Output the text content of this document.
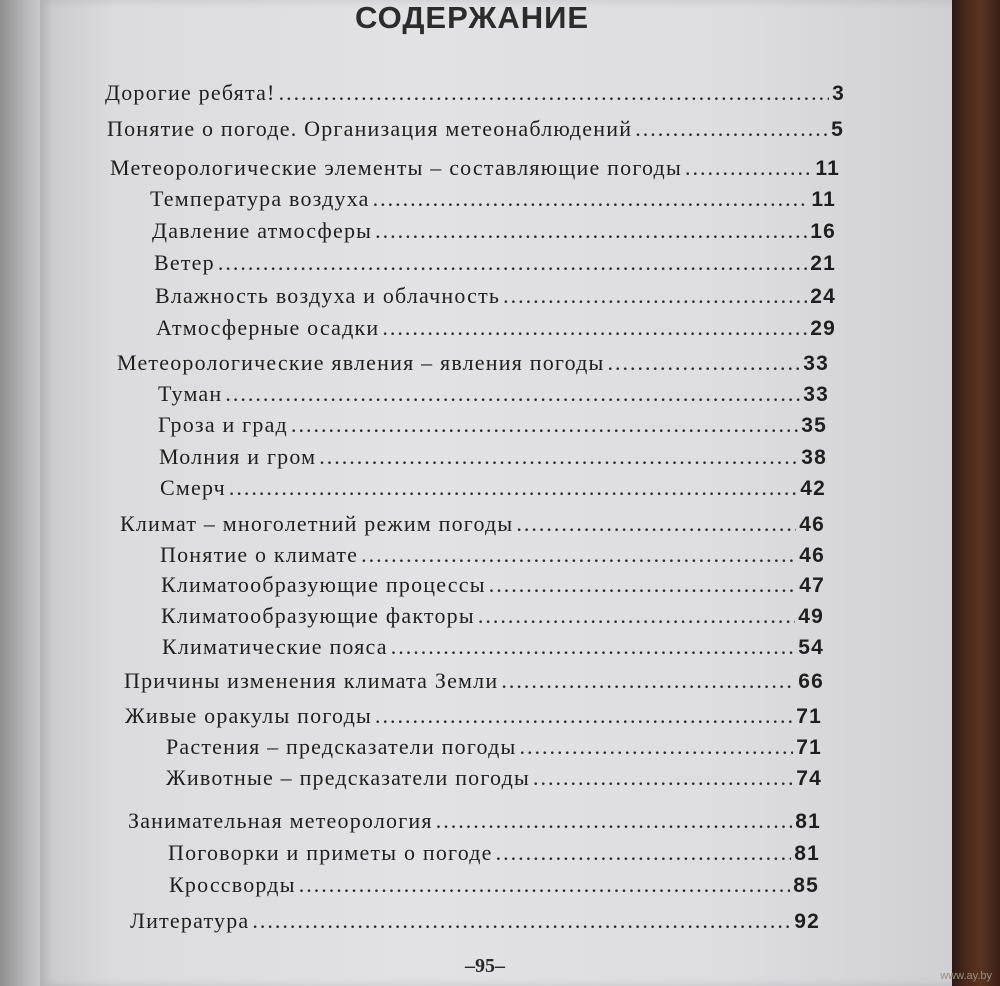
СОДЕРЖАНИЕ
Дорогие ребята! .....	3
Понятие о погоде. Организация метеонаблюдений .....	5
Метеорологические элементы – составляющие погоды .....	11
Температура воздуха .....	11
Давление атмосферы .....	16
Ветер .....	21
Влажность воздуха и облачность .....	24
Атмосферные осадки .....	29
Метеорологические явления – явления погоды .....	33
Туман .....	33
Гроза и град .....	35
Молния и гром .....	38
Смерч .....	42
Климат – многолетний режим погоды .....	46
Понятие о климате .....	46
Климатообразующие процессы .....	47
Климатообразующие факторы .....	49
Климатические пояса .....	54
Причины изменения климата Земли .....	66
Живые оракулы погоды .....	71
Растения – предсказатели погоды .....	71
Животные – предсказатели погоды .....	74
Занимательная метеорология .....	81
Поговорки и приметы о погоде .....	81
Кроссворды .....	85
Литература .....	92
–95–	www.ay.by
